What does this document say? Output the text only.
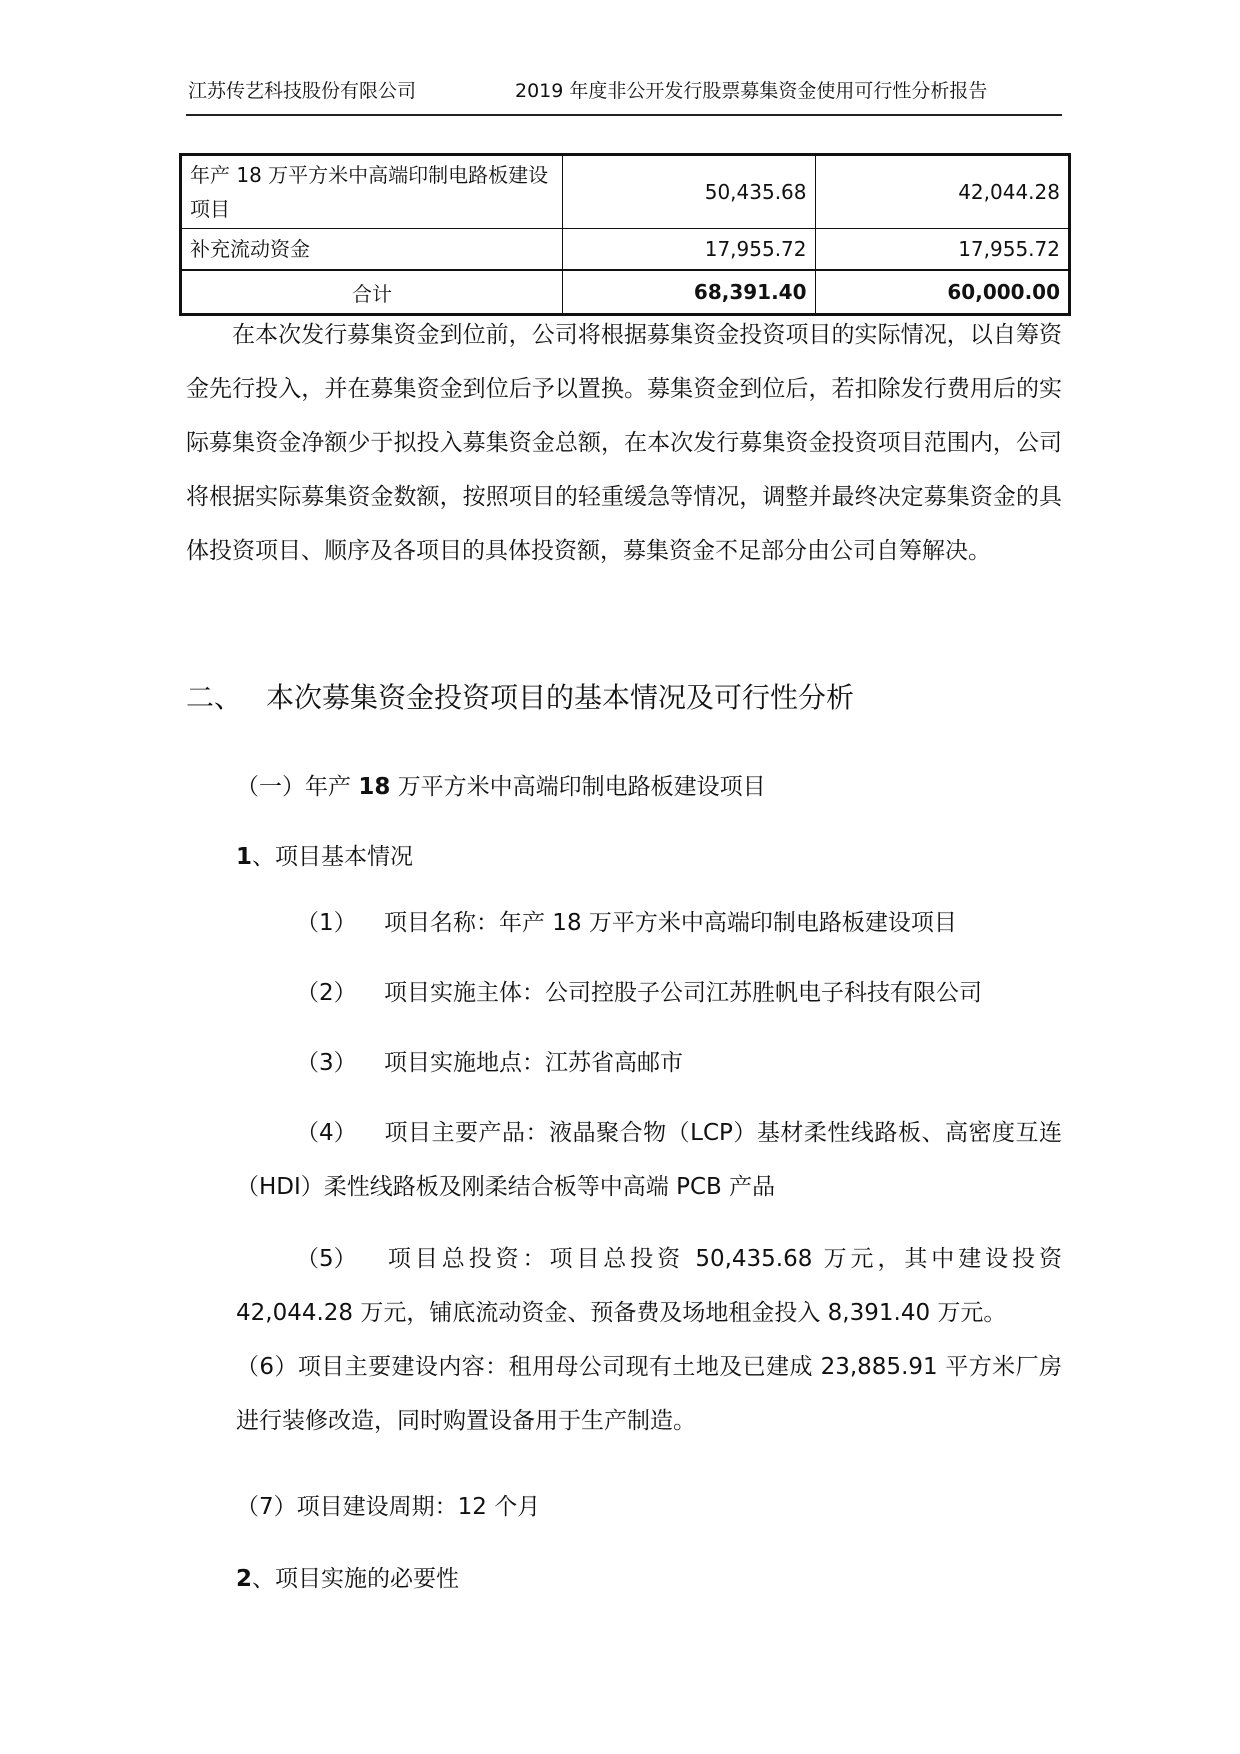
江苏传艺科技股份有限公司	2019 年度非公开发行股票募集资金使用可行性分析报告
年产 18 万平方米中高端印制电路板建设项目	50,435.68	42,044.28
补充流动资金	17,955.72	17,955.72
合计	68,391.40	60,000.00

在本次发行募集资金到位前，公司将根据募集资金投资项目的实际情况，以自筹资金先行投入，并在募集资金到位后予以置换。募集资金到位后，若扣除发行费用后的实际募集资金净额少于拟投入募集资金总额，在本次发行募集资金投资项目范围内，公司将根据实际募集资金数额，按照项目的轻重缓急等情况，调整并最终决定募集资金的具体投资项目、顺序及各项目的具体投资额，募集资金不足部分由公司自筹解决。

二、 本次募集资金投资项目的基本情况及可行性分析

（一）年产 18 万平方米中高端印制电路板建设项目

1、项目基本情况

（1） 项目名称：年产 18 万平方米中高端印制电路板建设项目

（2） 项目实施主体：公司控股子公司江苏胜帆电子科技有限公司

（3） 项目实施地点：江苏省高邮市

（4） 项目主要产品：液晶聚合物（LCP）基材柔性线路板、高密度互连（HDI）柔性线路板及刚柔结合板等中高端 PCB 产品

（5） 项目总投资：项目总投资 50,435.68 万元，其中建设投资 42,044.28 万元，铺底流动资金、预备费及场地租金投入 8,391.40 万元。

（6）项目主要建设内容：租用母公司现有土地及已建成 23,885.91 平方米厂房进行装修改造，同时购置设备用于生产制造。

（7）项目建设周期：12 个月

2、项目实施的必要性
